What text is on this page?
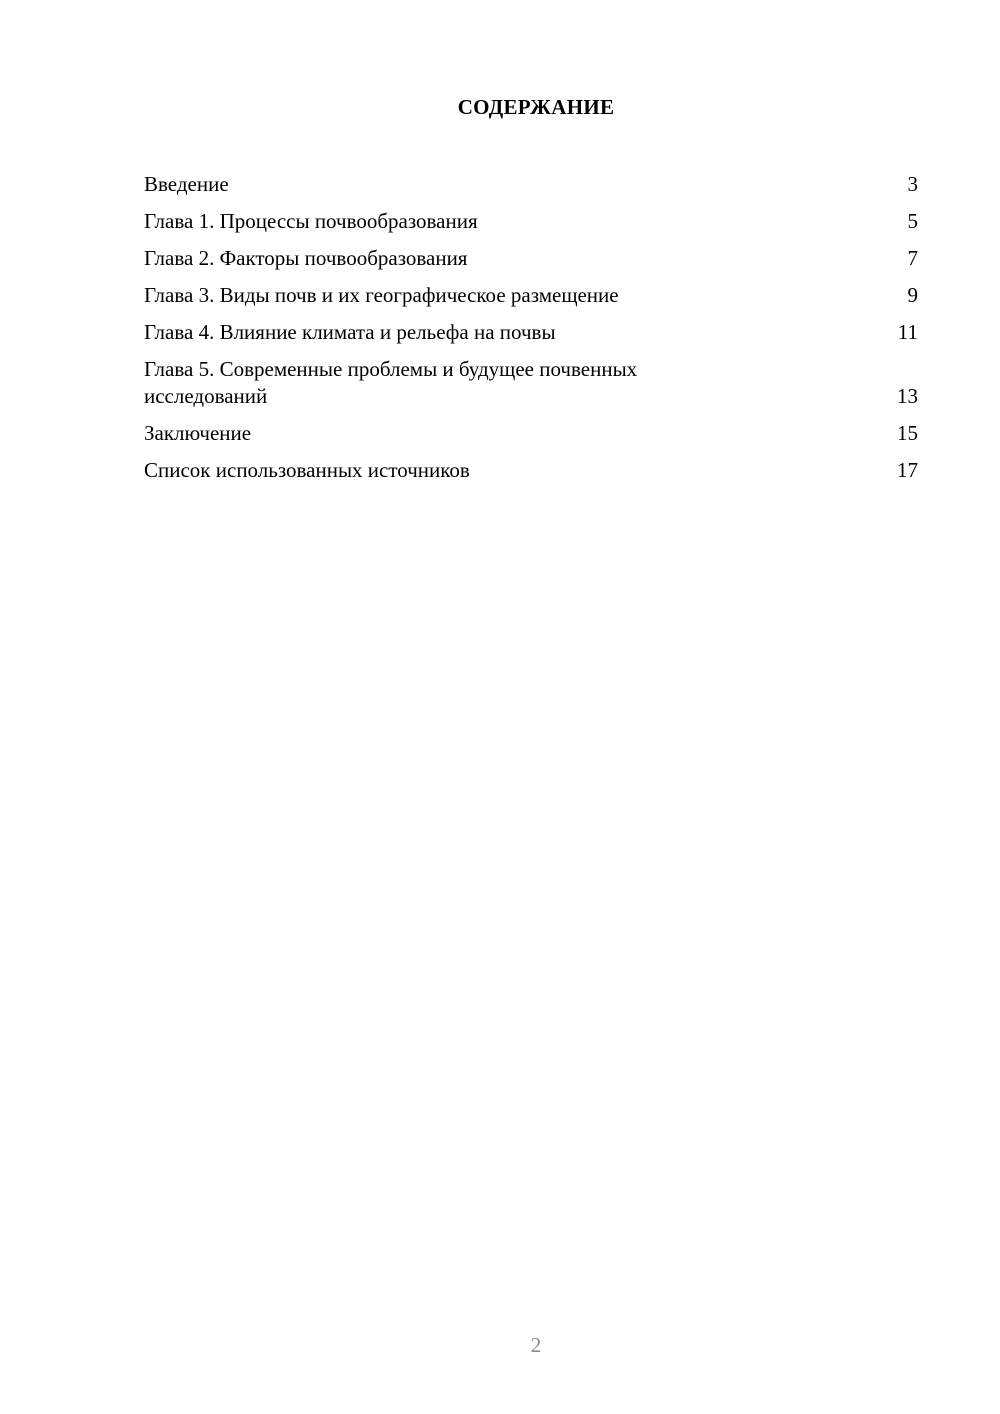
СОДЕРЖАНИЕ
Введение	3
Глава 1. Процессы почвообразования	5
Глава 2. Факторы почвообразования	7
Глава 3. Виды почв и их географическое размещение	9
Глава 4. Влияние климата и рельефа на почвы	11
Глава 5. Современные проблемы и будущее почвенных исследований	13
Заключение	15
Список использованных источников	17
2
